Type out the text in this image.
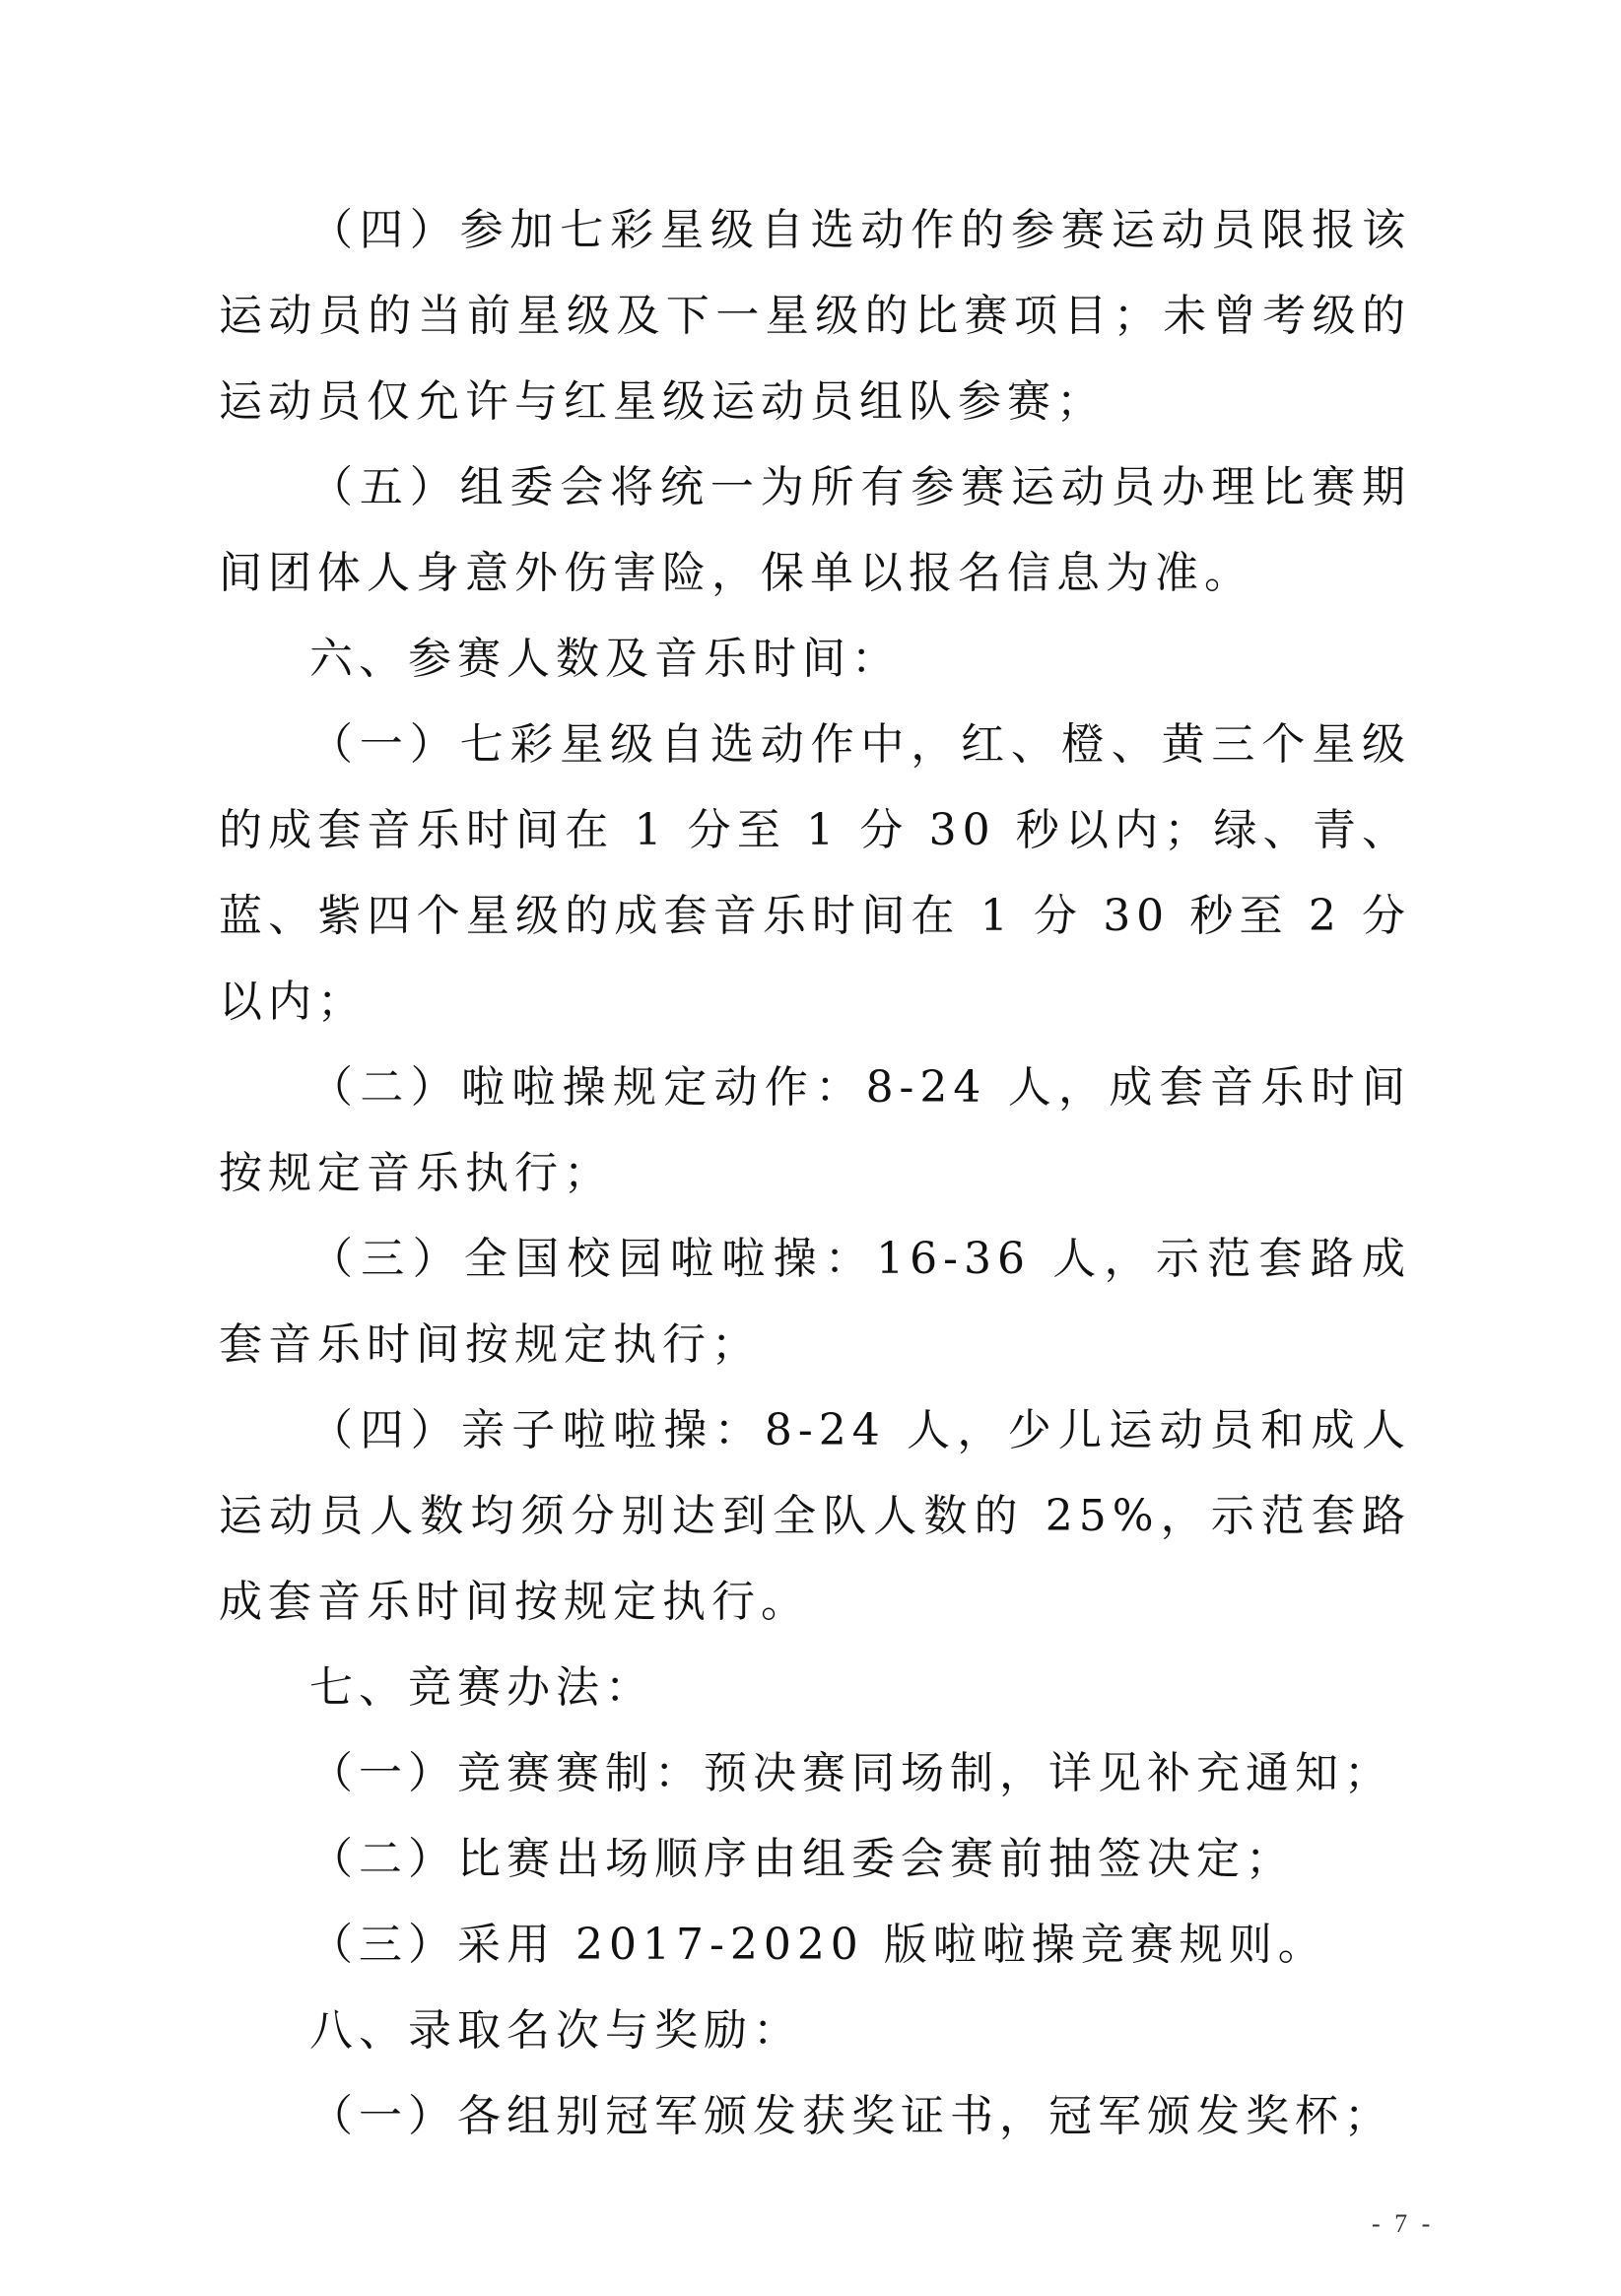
（四）参加七彩星级自选动作的参赛运动员限报该运动员的当前星级及下一星级的比赛项目；未曾考级的运动员仅允许与红星级运动员组队参赛；

（五）组委会将统一为所有参赛运动员办理比赛期间团体人身意外伤害险，保单以报名信息为准。

六、参赛人数及音乐时间：

（一）七彩星级自选动作中，红、橙、黄三个星级的成套音乐时间在 1 分至 1 分 30 秒以内；绿、青、蓝、紫四个星级的成套音乐时间在 1 分 30 秒至 2 分以内；

（二）啦啦操规定动作：8-24 人，成套音乐时间按规定音乐执行；

（三）全国校园啦啦操：16-36 人，示范套路成套音乐时间按规定执行；

（四）亲子啦啦操：8-24 人，少儿运动员和成人运动员人数均须分别达到全队人数的 25%，示范套路成套音乐时间按规定执行。

七、竞赛办法：

（一）竞赛赛制：预决赛同场制，详见补充通知；

（二）比赛出场顺序由组委会赛前抽签决定；

（三）采用 2017-2020 版啦啦操竞赛规则。

八、录取名次与奖励：

（一）各组别冠军颁发获奖证书，冠军颁发奖杯；

- 7 -
